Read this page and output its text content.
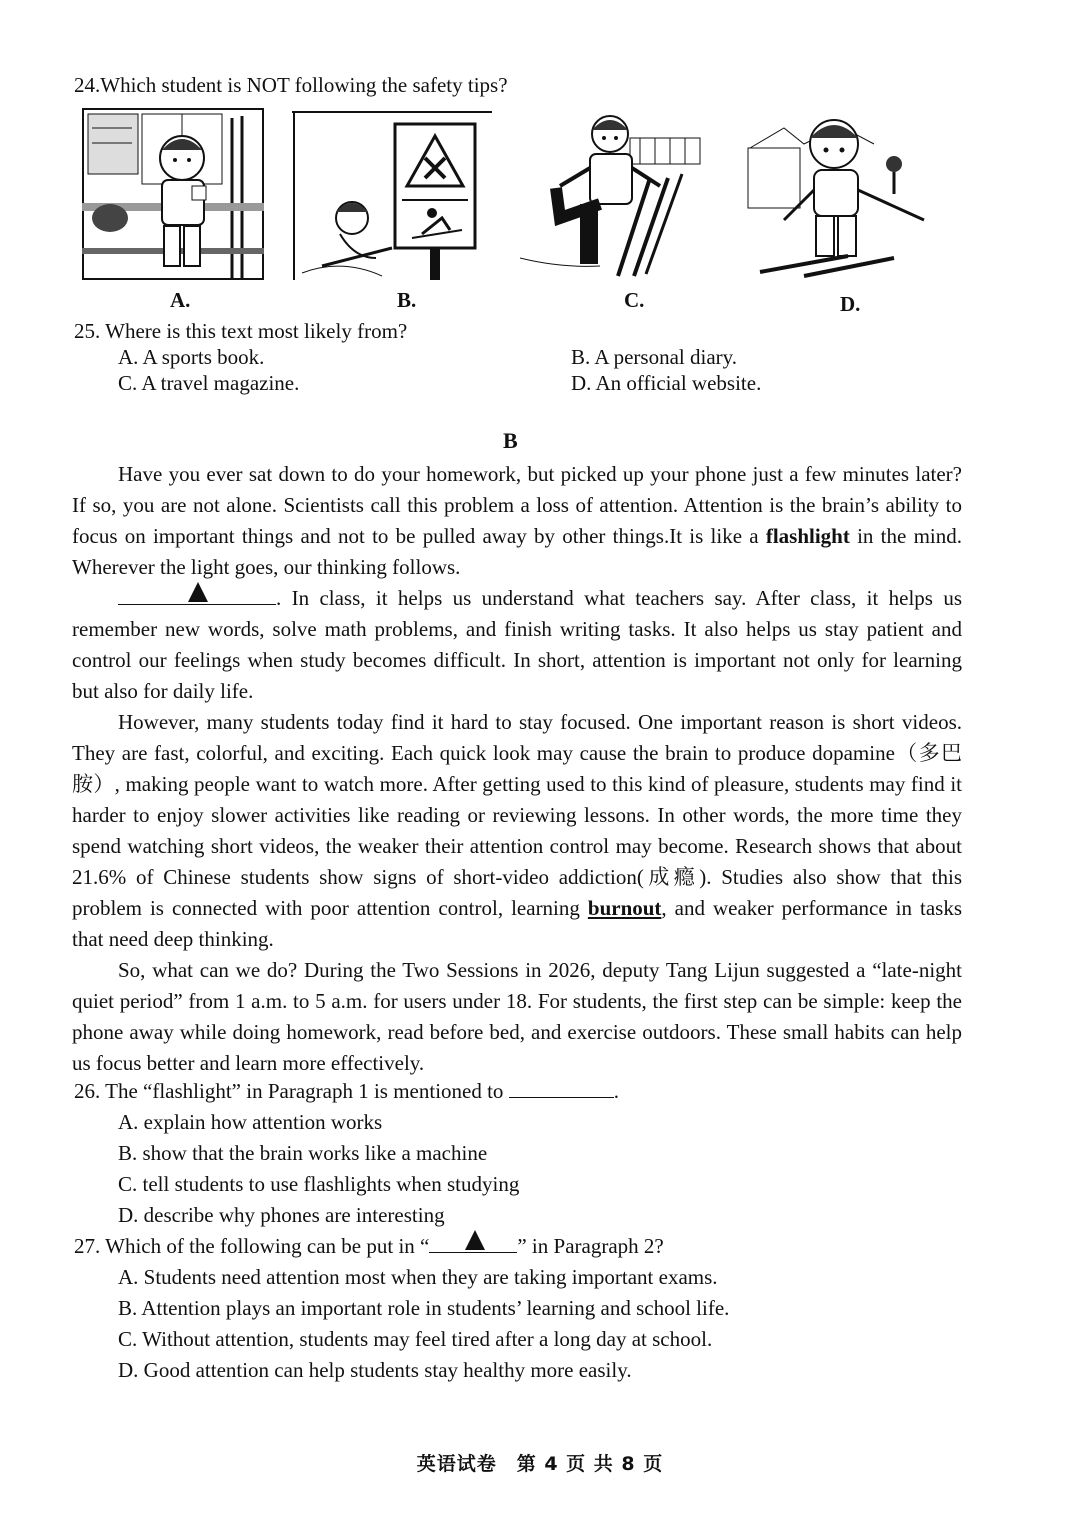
24.Which student is NOT following the safety tips?
A.	B.	C.	D.
25. Where is this text most likely from?
A. A sports book.	B. A personal diary.
C. A travel magazine.	D. An official website.
B

Have you ever sat down to do your homework, but picked up your phone just a few minutes later? If so, you are not alone. Scientists call this problem a loss of attention. Attention is the brain’s ability to focus on important things and not to be pulled away by other things.It is like a flashlight in the mind. Wherever the light goes, our thinking follows.

. In class, it helps us understand what teachers say. After class, it helps us remember new words, solve math problems, and finish writing tasks. It also helps us stay patient and control our feelings when study becomes difficult. In short, attention is important not only for learning but also for daily life.

However, many students today find it hard to stay focused. One important reason is short videos. They are fast, colorful, and exciting. Each quick look may cause the brain to produce dopamine（多巴胺）, making people want to watch more. After getting used to this kind of pleasure, students may find it harder to enjoy slower activities like reading or reviewing lessons. In other words, the more time they spend watching short videos, the weaker their attention control may become. Research shows that about 21.6% of Chinese students show signs of short-video addiction(成瘾). Studies also show that this problem is connected with poor attention control, learning burnout, and weaker performance in tasks that need deep thinking.

So, what can we do? During the Two Sessions in 2026, deputy Tang Lijun suggested a “late-night quiet period” from 1 a.m. to 5 a.m. for users under 18. For students, the first step can be simple: keep the phone away while doing homework, read before bed, and exercise outdoors. These small habits can help us focus better and learn more effectively.

26. The “flashlight” in Paragraph 1 is mentioned to	.
A. explain how attention works
B. show that the brain works like a machine
C. tell students to use flashlights when studying
D. describe why phones are interesting
27. Which of the following can be put in “	” in Paragraph 2?
A. Students need attention most when they are taking important exams.
B. Attention plays an important role in students’ learning and school life.
C. Without attention, students may feel tired after a long day at school.
D. Good attention can help students stay healthy more easily.
英语试卷　第 4 页 共 8 页
